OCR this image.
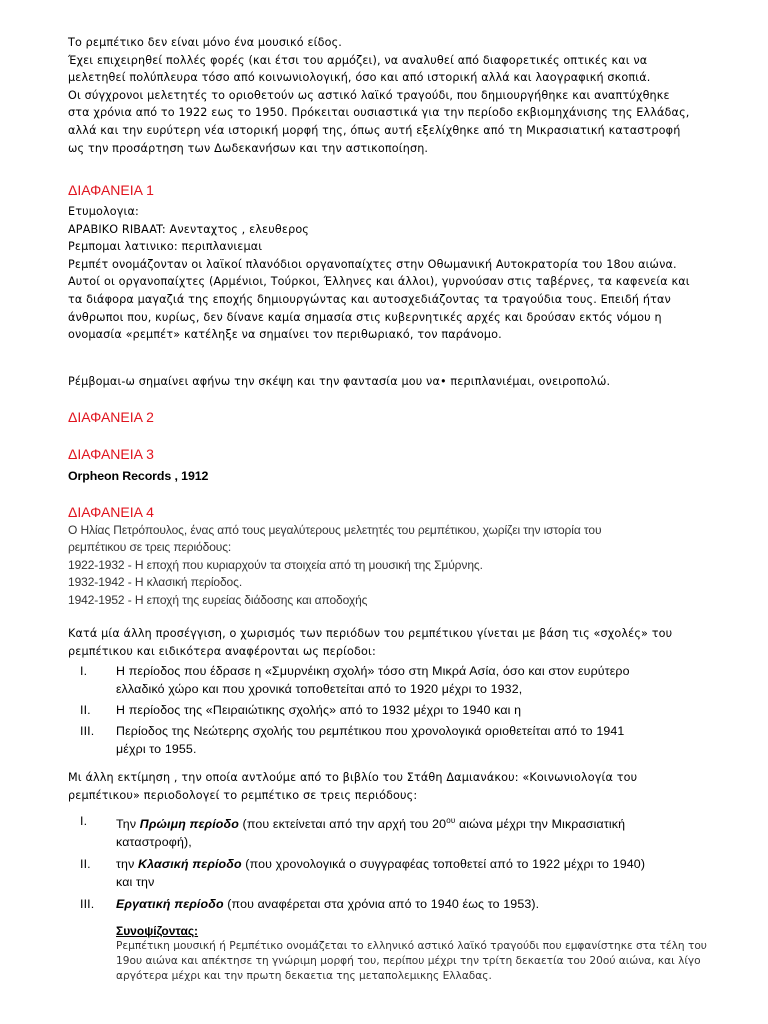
Το ρεμπέτικο δεν είναι μόνο ένα μουσικό είδος.
Έχει επιχειρηθεί πολλές φορές (και έτσι του αρμόζει), να αναλυθεί από διαφορετικές οπτικές και να
μελετηθεί πολύπλευρα τόσο από κοινωνιολογική, όσο και από ιστορική αλλά και λαογραφική σκοπιά.
Οι σύγχρονοι μελετητές το οριοθετούν ως αστικό λαϊκό τραγούδι, που δημιουργήθηκε και αναπτύχθηκε
στα χρόνια από το 1922 εως το 1950. Πρόκειται ουσιαστικά για την περίοδο εκβιομηχάνισης της Ελλάδας,
αλλά και την ευρύτερη νέα ιστορική μορφή της, όπως αυτή εξελίχθηκε από τη Μικρασιατική καταστροφή
ως την προσάρτηση των Δωδεκανήσων και την αστικοποίηση.
ΔΙΑΦΑΝΕΙΑ 1
Ετυμολογια:
ΑΡΑΒΙΚΟ RIBAAT: Ανενταχτος , ελευθερος
Ρεμπομαι λατινικο: περιπλανιεμαι
Ρεμπέτ ονομάζονταν οι λαϊκοί πλανόδιοι οργανοπαίχτες στην Οθωμανική Αυτοκρατορία του 18ου αιώνα.
Αυτοί οι οργανοπαίχτες (Αρμένιοι, Τούρκοι, Έλληνες και άλλοι), γυρνούσαν στις ταβέρνες, τα καφενεία και
τα διάφορα μαγαζιά της εποχής δημιουργώντας και αυτοσχεδιάζοντας τα τραγούδια τους. Επειδή ήταν
άνθρωποι που, κυρίως, δεν δίνανε καμία σημασία στις κυβερνητικές αρχές και δρούσαν εκτός νόμου η
ονομασία «ρεμπέτ» κατέληξε να σημαίνει τον περιθωριακό, τον παράνομο.
Ρέμβομαι-ω σημαίνει αφήνω την σκέψη και την φαντασία μου να• περιπλανιέμαι, ονειροπολώ.
ΔΙΑΦΑΝΕΙΑ 2
ΔΙΑΦΑΝΕΙΑ 3
Orpheon Records , 1912
ΔΙΑΦΑΝΕΙΑ 4
Ο Ηλίας Πετρόπουλος, ένας από τους μεγαλύτερους μελετητές του ρεμπέτικου, χωρίζει την ιστορία του
ρεμπέτικου σε τρεις περιόδους:
1922-1932 - Η εποχή που κυριαρχούν τα στοιχεία από τη μουσική της Σμύρνης.
1932-1942 - Η κλασική περίοδος.
1942-1952 - Η εποχή της ευρείας διάδοσης και αποδοχής
Κατά μία άλλη προσέγγιση, ο χωρισμός των περιόδων του ρεμπέτικου γίνεται με βάση τις «σχολές» του
ρεμπέτικου και ειδικότερα αναφέρονται ως περίοδοι:
I.	Η περίοδος που έδρασε η «Σμυρνέικη σχολή» τόσο στη Μικρά Ασία, όσο και στον ευρύτερο
ελλαδικό χώρο και που χρονικά τοποθετείται από το 1920 μέχρι το 1932,
II.	Η περίοδος της «Πειραιώτικης σχολής» από το 1932 μέχρι το 1940 και η
III.	Περίοδος της Νεώτερης σχολής του ρεμπέτικου που χρονολογικά οριοθετείται από το 1941
μέχρι το 1955.
Μι άλλη εκτίμηση , την οποία αντλούμε από το βιβλίο του Στάθη Δαμιανάκου: «Κοινωνιολογία του
ρεμπέτικου» περιοδολογεί το ρεμπέτικο σε τρεις περιόδους:
I.	Την Πρώιμη περίοδο (που εκτείνεται από την αρχή του $20^{o\upsilon}$ αιώνα μέχρι την Μικρασιατική
καταστροφή),
II.	την Κλασική περίοδο (που χρονολογικά ο συγγραφέας τοποθετεί από το 1922 μέχρι το 1940)
και την
III.	Εργατική περίοδο (που αναφέρεται στα χρόνια από το 1940 έως το 1953).
Συνοψίζοντας:
Ρεμπέτικη μουσική ή Ρεμπέτικο ονομάζεται το ελληνικό αστικό λαϊκό τραγούδι που εμφανίστηκε στα τέλη του
19ου αιώνα και απέκτησε τη γνώριμη μορφή του, περίπου μέχρι την τρίτη δεκαετία του 20ού αιώνα, και λίγο
αργότερα μέχρι και την πρωτη δεκαετια της μεταπολεμικης Ελλαδας.
